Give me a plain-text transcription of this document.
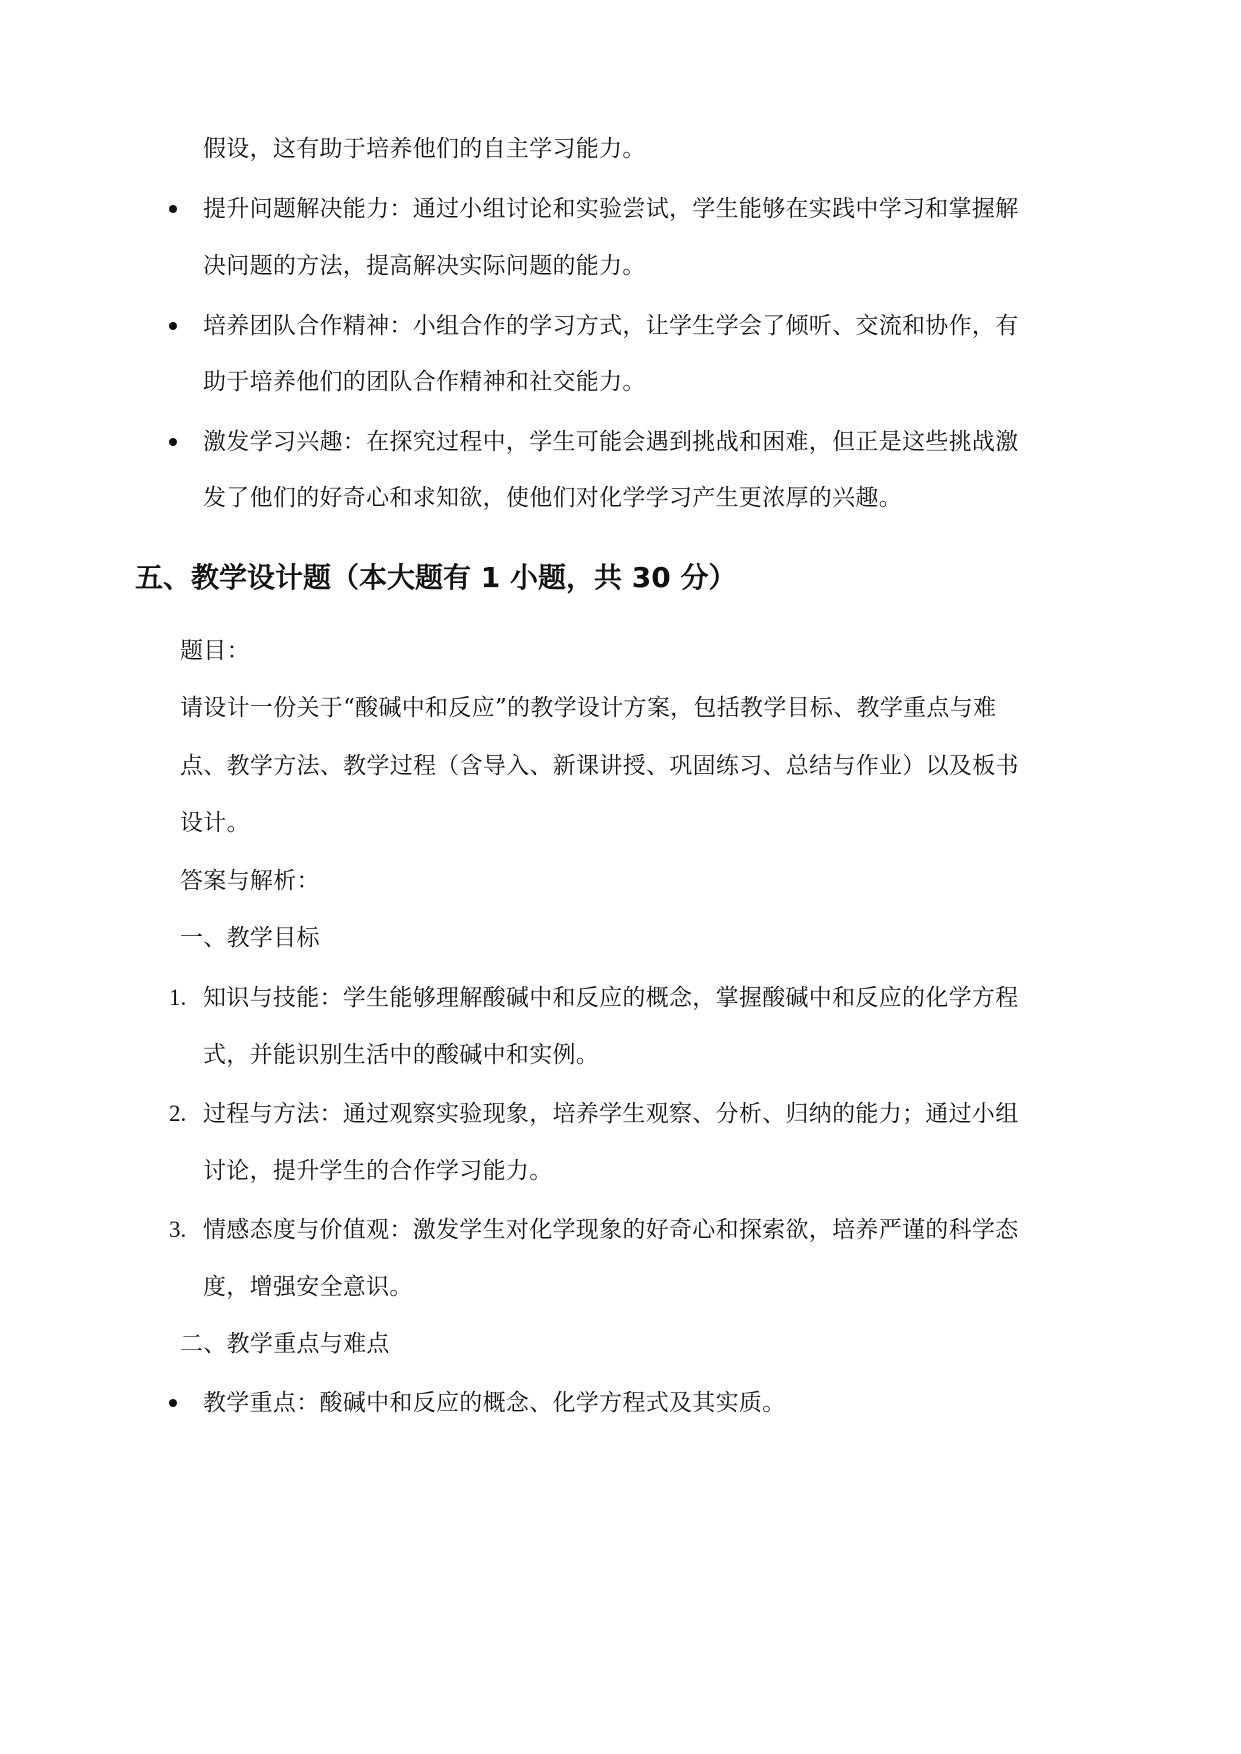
假设，这有助于培养他们的自主学习能力。
提升问题解决能力：通过小组讨论和实验尝试，学生能够在实践中学习和掌握解
决问题的方法，提高解决实际问题的能力。
培养团队合作精神：小组合作的学习方式，让学生学会了倾听、交流和协作，有
助于培养他们的团队合作精神和社交能力。
激发学习兴趣：在探究过程中，学生可能会遇到挑战和困难，但正是这些挑战激
发了他们的好奇心和求知欲，使他们对化学学习产生更浓厚的兴趣。
五、教学设计题（本大题有 1 小题，共 30 分）
题目：
请设计一份关于“酸碱中和反应”的教学设计方案，包括教学目标、教学重点与难
点、教学方法、教学过程（含导入、新课讲授、巩固练习、总结与作业）以及板书
设计。
答案与解析：
一、教学目标
1. 知识与技能：学生能够理解酸碱中和反应的概念，掌握酸碱中和反应的化学方程
式，并能识别生活中的酸碱中和实例。
2. 过程与方法：通过观察实验现象，培养学生观察、分析、归纳的能力；通过小组
讨论，提升学生的合作学习能力。
3. 情感态度与价值观：激发学生对化学现象的好奇心和探索欲，培养严谨的科学态
度，增强安全意识。
二、教学重点与难点
教学重点：酸碱中和反应的概念、化学方程式及其实质。
